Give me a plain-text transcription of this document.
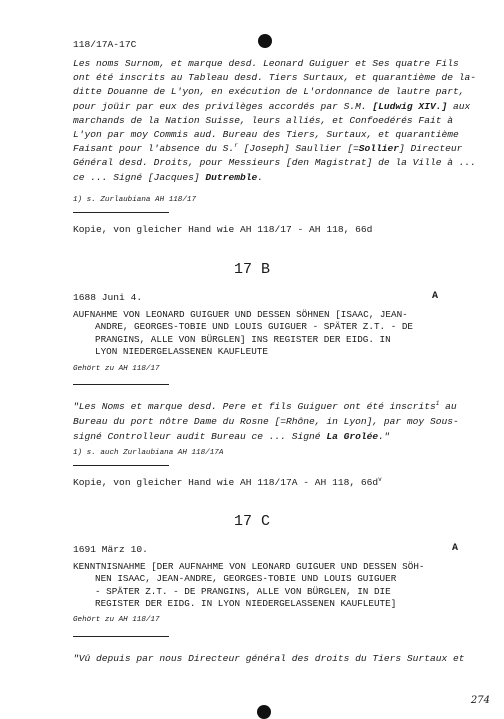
118/17A-17C
Les noms Surnom, et marque desd. Leonard Guiguer et Ses quatre Fils
ont été inscrits au Tableau desd. Tiers Surtaux, et quarantième de la-
ditte Douanne de L'yon, en exécution de L'ordonnance de lautre part,
pour joüir par eux des privilèges accordés par S.M. [Ludwig XIV.] aux
marchands de la Nation Suisse, leurs alliés, et Confoedérés Fait à
L'yon par moy Commis aud. Bureau des Tiers, Surtaux, et quarantième
Faisant pour l'absence du S.$^r$ [Joseph] Saullier [=Sollier] Directeur
Général desd. Droits, pour Messieurs [den Magistrat] de la Ville à ...
ce ... Signé [Jacques] Dutremble.
1) s. Zurlaubiana AH 118/17
Kopie, von gleicher Hand wie AH 118/17 - AH 118, 66d
17 B
1688 Juni 4.	A
AUFNAHME VON LEONARD GUIGUER UND DESSEN SÖHNEN [ISAAC, JEAN-
ANDRE, GEORGES-TOBIE UND LOUIS GUIGUER - SPÄTER Z.T. - DE
PRANGINS, ALLE VON BÜRGLEN] INS REGISTER DER EIDG. IN
LYON NIEDERGELASSENEN KAUFLEUTE
Gehört zu AH 118/17
"Les Noms et marque desd. Pere et fils Guiguer ont été inscrits$^1$ au
Bureau du port nôtre Dame du Rosne [=Rhône, in Lyon], par moy Sous-
signé Controlleur audit Bureau ce ... Signé La Grolée."
1) s. auch Zurlaubiana AH 118/17A
Kopie, von gleicher Hand wie AH 118/17A - AH 118, $66d^v$
17 C
1691 März 10.	A
KENNTNISNAHME [DER AUFNAHME VON LEONARD GUIGUER UND DESSEN SÖH-
NEN ISAAC, JEAN-ANDRE, GEORGES-TOBIE UND LOUIS GUIGUER
- SPÄTER Z.T. - DE PRANGINS, ALLE VON BÜRGLEN, IN DIE
REGISTER DER EIDG. IN LYON NIEDERGELASSENEN KAUFLEUTE]
Gehört zu AH 118/17
"Vû depuis par nous Directeur général des droits du Tiers Surtaux et
274
